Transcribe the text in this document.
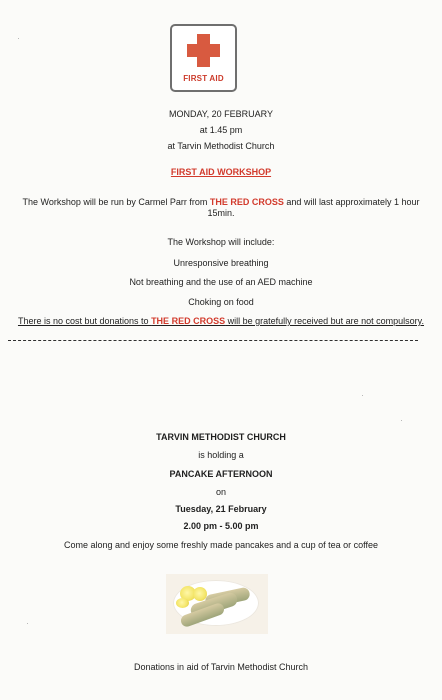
FIRST AID
MONDAY, 20 FEBRUARY
at 1.45 pm
at Tarvin Methodist Church
FIRST AID WORKSHOP
The Workshop will be run by Carmel Parr from THE RED CROSS and will last approximately 1 hour
15min.
The Workshop will include:
Unresponsive breathing
Not breathing and the use of an AED machine
Choking on food
There is no cost but donations to THE RED CROSS will be gratefully received but are not compulsory.
TARVIN METHODIST CHURCH
is holding a
PANCAKE AFTERNOON
on
Tuesday, 21 February
2.00 pm - 5.00 pm
Come along and enjoy some freshly made pancakes and a cup of tea or coffee
Donations in aid of Tarvin Methodist Church
